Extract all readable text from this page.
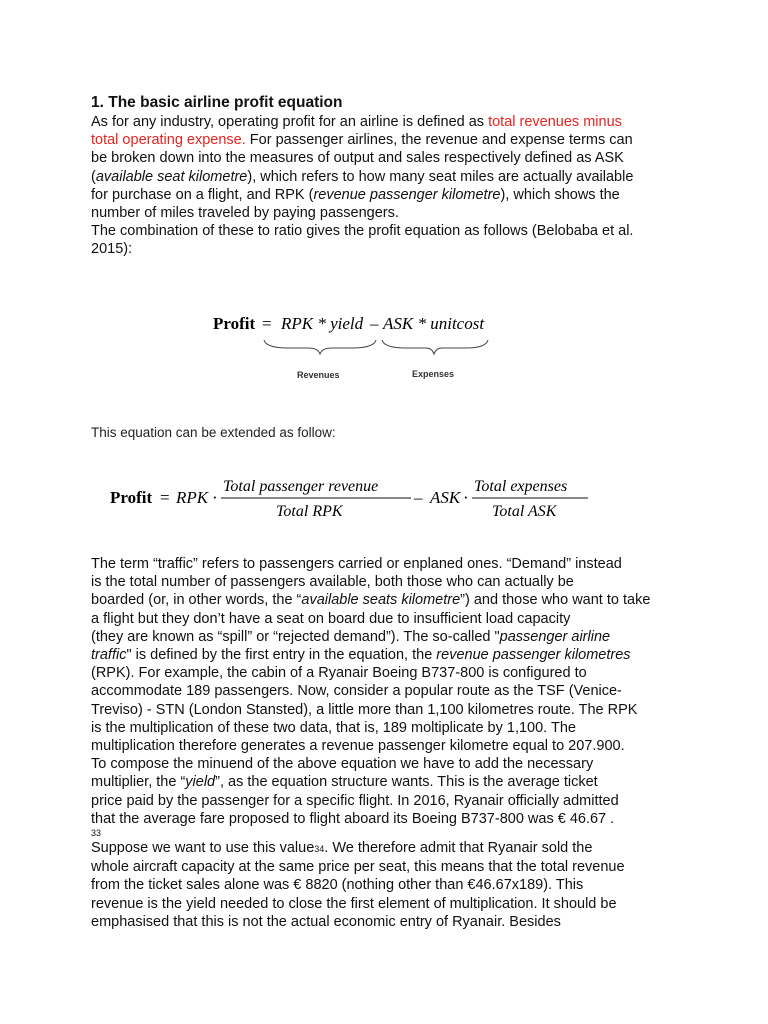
1. The basic airline profit equation
As for any industry, operating profit for an airline is defined as total revenues minus
total operating expense. For passenger airlines, the revenue and expense terms can
be broken down into the measures of output and sales respectively defined as ASK
(available seat kilometre), which refers to how many seat miles are actually available
for purchase on a flight, and RPK (revenue passenger kilometre), which shows the
number of miles traveled by paying passengers.
The combination of these to ratio gives the profit equation as follows (Belobaba et al.
2015):
Profit = RPK * yield – ASK * unitcost
Revenues	Expenses
This equation can be extended as follow:
Profit = RPK ·
Total passenger revenue
Total RPK
– ASK ·
Total expenses
Total ASK
The term “traffic” refers to passengers carried or enplaned ones. “Demand” instead
is the total number of passengers available, both those who can actually be
boarded (or, in other words, the “available seats kilometre”) and those who want to take
a flight but they don’t have a seat on board due to insufficient load capacity
(they are known as “spill” or “rejected demand”). The so-called "passenger airline
traffic" is defined by the first entry in the equation, the revenue passenger kilometres
(RPK). For example, the cabin of a Ryanair Boeing B737-800 is configured to
accommodate 189 passengers. Now, consider a popular route as the TSF (Venice-
Treviso) - STN (London Stansted), a little more than 1,100 kilometres route. The RPK
is the multiplication of these two data, that is, 189 moltiplicate by 1,100. The
multiplication therefore generates a revenue passenger kilometre equal to 207.900.
To compose the minuend of the above equation we have to add the necessary
multiplier, the “yield”, as the equation structure wants. This is the average ticket
price paid by the passenger for a specific flight. In 2016, Ryanair officially admitted
that the average fare proposed to flight aboard its Boeing B737-800 was € 46.67 .
33
Suppose we want to use this value34. We therefore admit that Ryanair sold the
whole aircraft capacity at the same price per seat, this means that the total revenue
from the ticket sales alone was € 8820 (nothing other than €46.67x189). This
revenue is the yield needed to close the first element of multiplication. It should be
emphasised that this is not the actual economic entry of Ryanair. Besides
